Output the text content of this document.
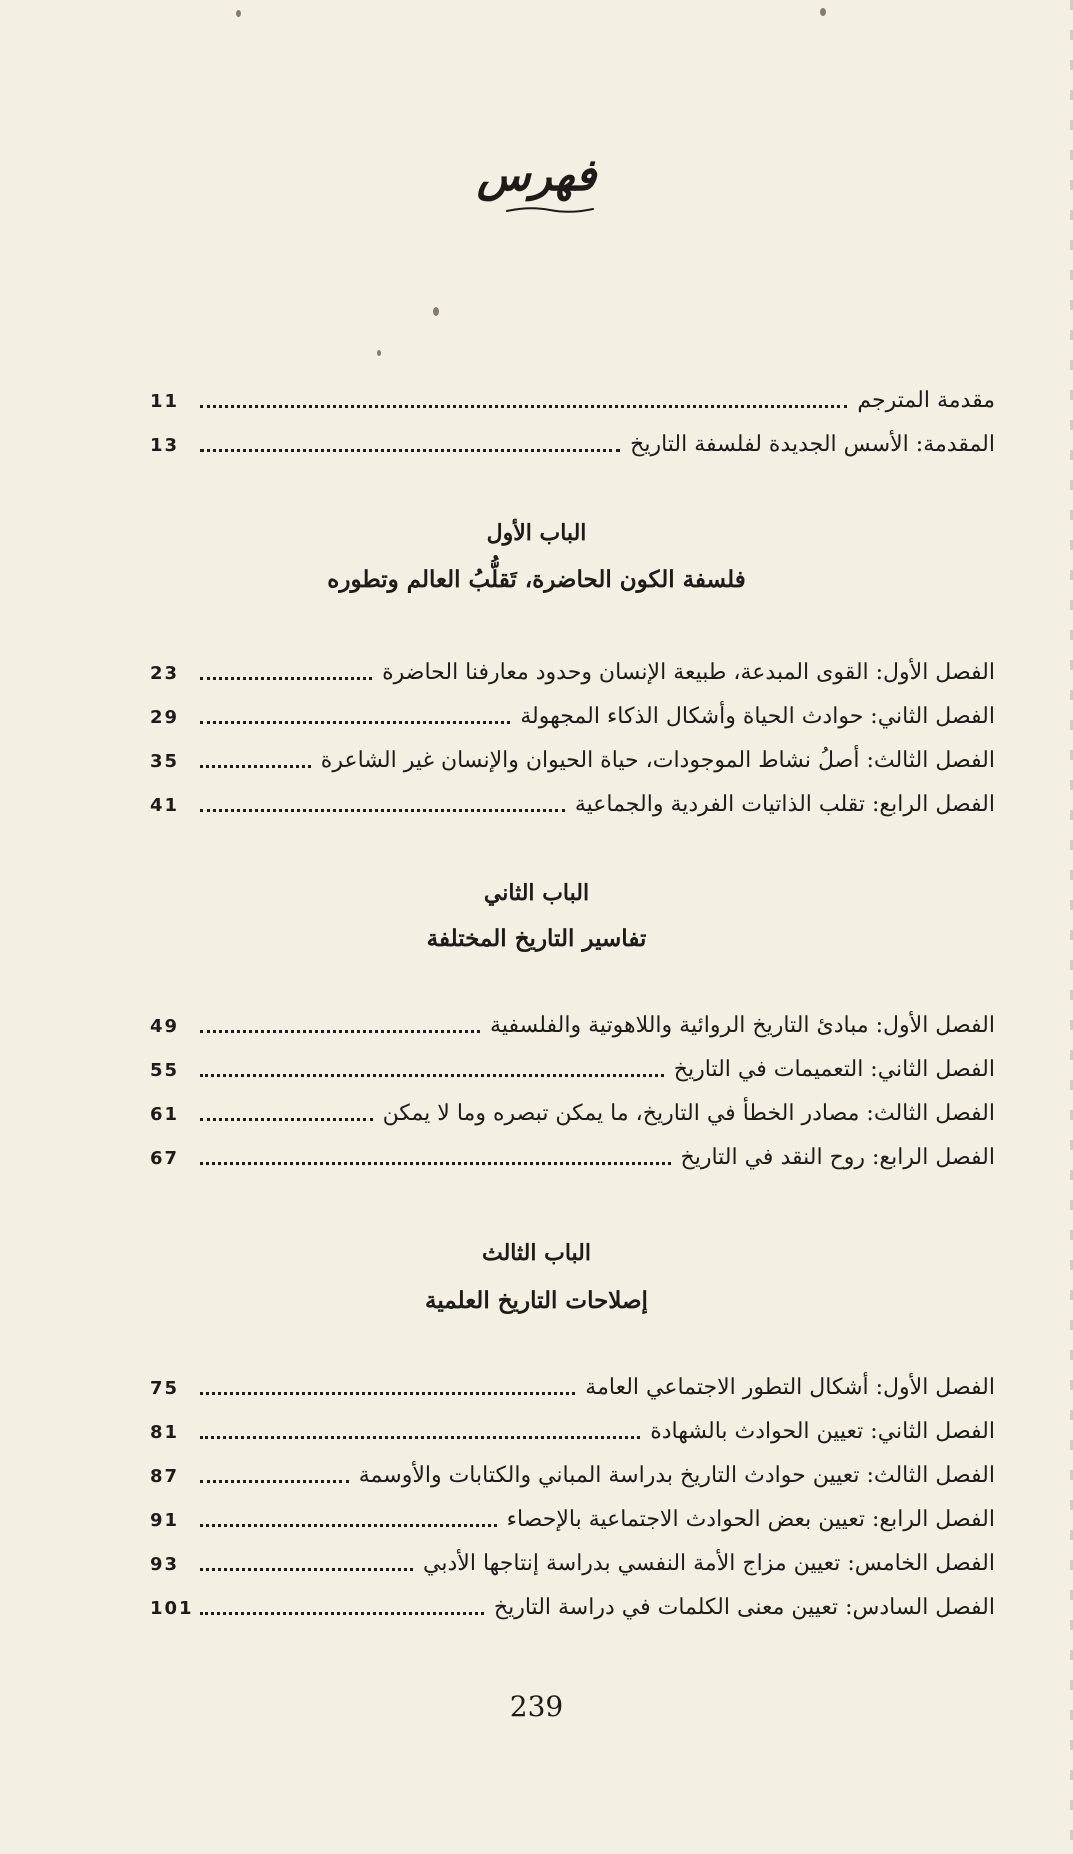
فهرس
11	مقدمة المترجم
13	المقدمة: الأسس الجديدة لفلسفة التاريخ
الباب الأول
فلسفة الكون الحاضرة، تَقلُّبُ العالم وتطوره
23	الفصل الأول: القوى المبدعة، طبيعة الإنسان وحدود معارفنا الحاضرة
29	الفصل الثاني: حوادث الحياة وأشكال الذكاء المجهولة
35	الفصل الثالث: أصلُ نشاط الموجودات، حياة الحيوان والإنسان غير الشاعرة
41	الفصل الرابع: تقلب الذاتيات الفردية والجماعية
الباب الثاني
تفاسير التاريخ المختلفة
49	الفصل الأول: مبادئ التاريخ الروائية واللاهوتية والفلسفية
55	الفصل الثاني: التعميمات في التاريخ
61	الفصل الثالث: مصادر الخطأ في التاريخ، ما يمكن تبصره وما لا يمكن
67	الفصل الرابع: روح النقد في التاريخ
الباب الثالث
إصلاحات التاريخ العلمية
75	الفصل الأول: أشكال التطور الاجتماعي العامة
81	الفصل الثاني: تعيين الحوادث بالشهادة
87	الفصل الثالث: تعيين حوادث التاريخ بدراسة المباني والكتابات والأوسمة
91	الفصل الرابع: تعيين بعض الحوادث الاجتماعية بالإحصاء
93	الفصل الخامس: تعيين مزاج الأمة النفسي بدراسة إنتاجها الأدبي
101	الفصل السادس: تعيين معنى الكلمات في دراسة التاريخ
239
